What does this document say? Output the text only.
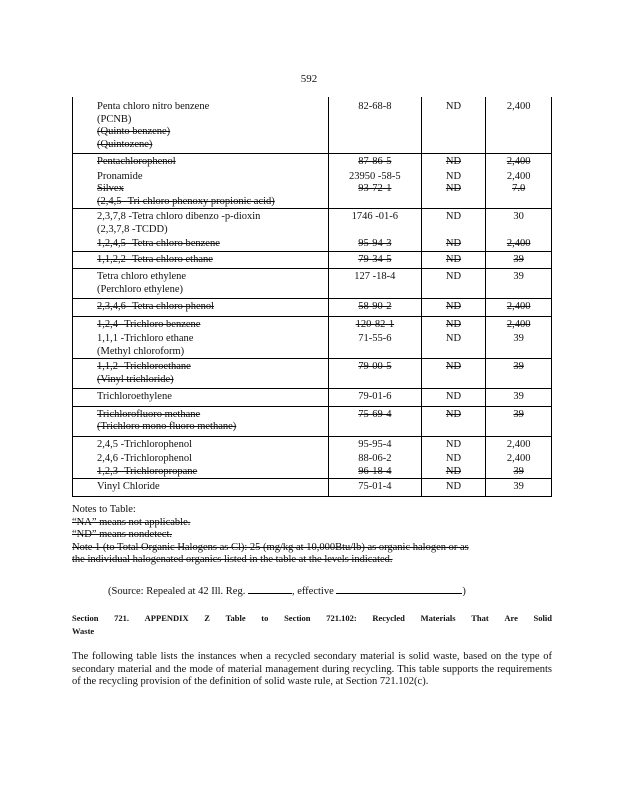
592
Penta chloro nitro benzene
(PCNB)
(Quinto benzene)
(Quintozene)	82-68-8	ND	2,400

Pentachlorophenol	87-86-5	ND	2,400

Pronamide	23950 -58-5	ND	2,400

Silvex
(2,4,5 -Tri chloro phenoxy propionic acid)	93-72-1	ND	7.0

2,3,7,8 -Tetra chloro dibenzo -p-dioxin
(2,3,7,8 -TCDD)	1746 -01-6	ND	30

1,2,4,5 -Tetra chloro benzene	95-94-3	ND	2,400

1,1,2,2 -Tetra chloro ethane	79-34-5	ND	39

Tetra chloro ethylene
(Perchloro ethylene)	127 -18-4	ND	39

2,3,4,6 -Tetra chloro phenol	58-90-2	ND	2,400

1,2,4 -Trichloro benzene	120-82-1	ND	2,400

1,1,1 -Trichloro ethane
(Methyl chloroform)	71-55-6	ND	39

1,1,2 -Trichloroethane
(Vinyl trichloride)	79-00-5	ND	39

Trichloroethylene	79-01-6	ND	39

Trichlorofluoro methane
(Trichloro mono fluoro methane)	75-69-4	ND	39

2,4,5 -Trichlorophenol	95-95-4	ND	2,400

2,4,6 -Trichlorophenol	88-06-2	ND	2,400

1,2,3 -Trichloropropane	96-18-4	ND	39

Vinyl Chloride	75-01-4	ND	39
Notes to Table:
“NA” means not applicable.
“ND” means nondetect.
Note 1 (to Total Organic Halogens as Cl): 25 (mg/kg at 10,000Btu/lb) as organic halogen or as
the individual halogenated organics listed in the table at the levels indicated.
(Source: Repealed at 42 Ill. Reg.	, effective	)
Section 721. APPENDIX Z Table to Section 721.102: Recycled Materials That Are Solid
Waste
The following table lists the instances when a recycled secondary material is solid waste, based on the type of secondary material and the mode of material management during recycling. This table supports the requirements of the recycling provision of the definition of solid waste rule, at Section 721.102(c).
